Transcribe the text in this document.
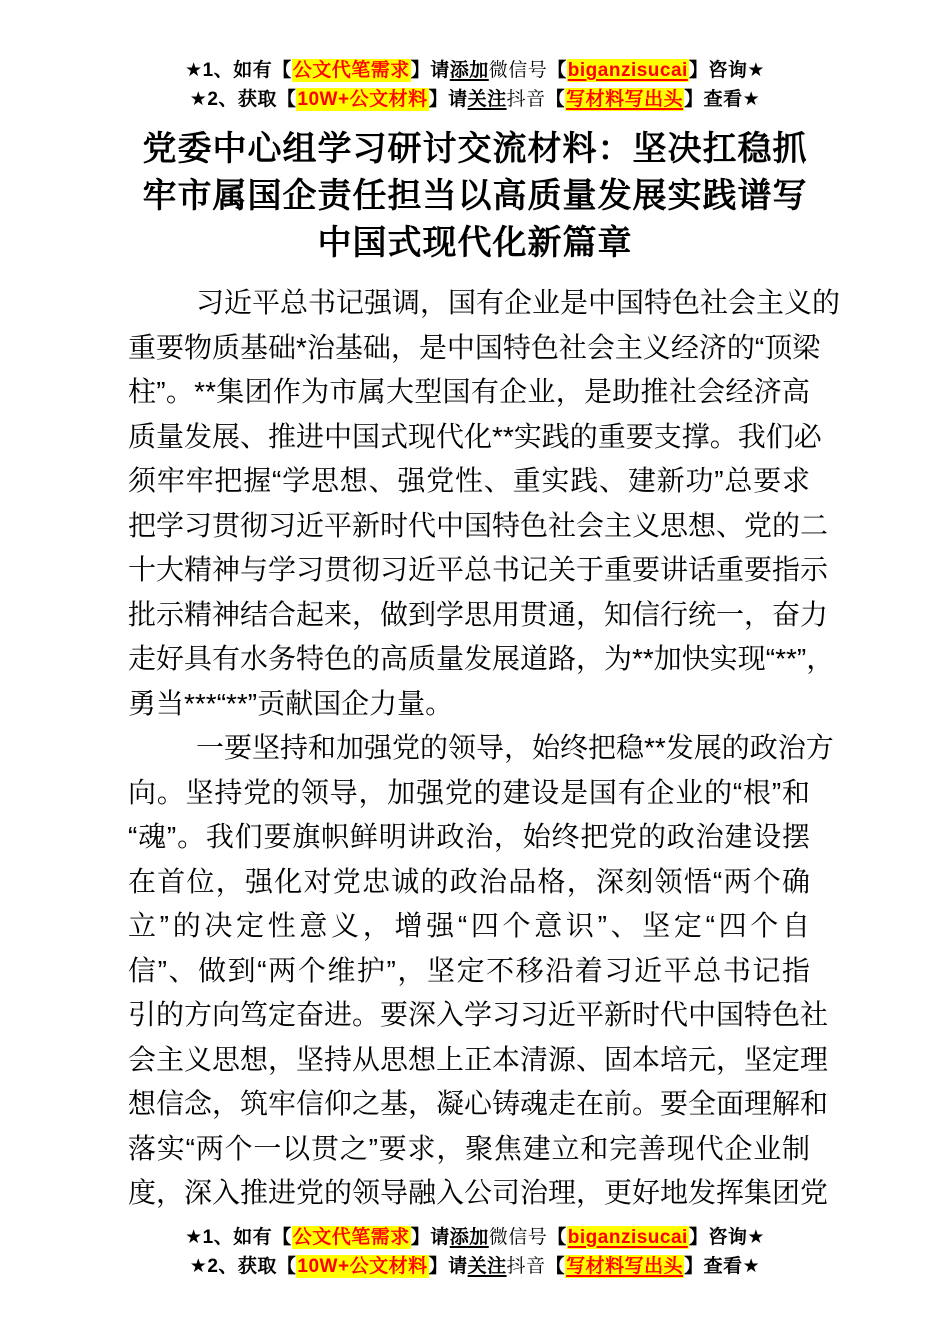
★1、如有【公文代笔需求】请添加微信号【biganzisucai】咨询★
★2、获取【10W+公文材料】请关注抖音【写材料写出头】查看★
党委中心组学习研讨交流材料：坚决扛稳抓
牢市属国企责任担当以高质量发展实践谱写
中国式现代化新篇章
习近平总书记强调，国有企业是中国特色社会主义的
重要物质基础*治基础，是中国特色社会主义经济的“顶梁
柱”。**集团作为市属大型国有企业，是助推社会经济高
质量发展、推进中国式现代化**实践的重要支撑。我们必
须牢牢把握“学思想、强党性、重实践、建新功”总要求
把学习贯彻习近平新时代中国特色社会主义思想、党的二
十大精神与学习贯彻习近平总书记关于重要讲话重要指示
批示精神结合起来，做到学思用贯通，知信行统一，奋力
走好具有水务特色的高质量发展道路，为**加快实现“**”，
勇当***“**”贡献国企力量。
一要坚持和加强党的领导，始终把稳**发展的政治方
向。坚持党的领导，加强党的建设是国有企业的“根”和
“魂”。我们要旗帜鲜明讲政治，始终把党的政治建设摆
在首位，强化对党忠诚的政治品格，深刻领悟“两个确
立”的决定性意义，增强“四个意识”、坚定“四个自
信”、做到“两个维护”，坚定不移沿着习近平总书记指
引的方向笃定奋进。要深入学习习近平新时代中国特色社
会主义思想，坚持从思想上正本清源、固本培元，坚定理
想信念，筑牢信仰之基，凝心铸魂走在前。要全面理解和
落实“两个一以贯之”要求，聚焦建立和完善现代企业制
度，深入推进党的领导融入公司治理，更好地发挥集团党
★1、如有【公文代笔需求】请添加微信号【biganzisucai】咨询★
★2、获取【10W+公文材料】请关注抖音【写材料写出头】查看★
